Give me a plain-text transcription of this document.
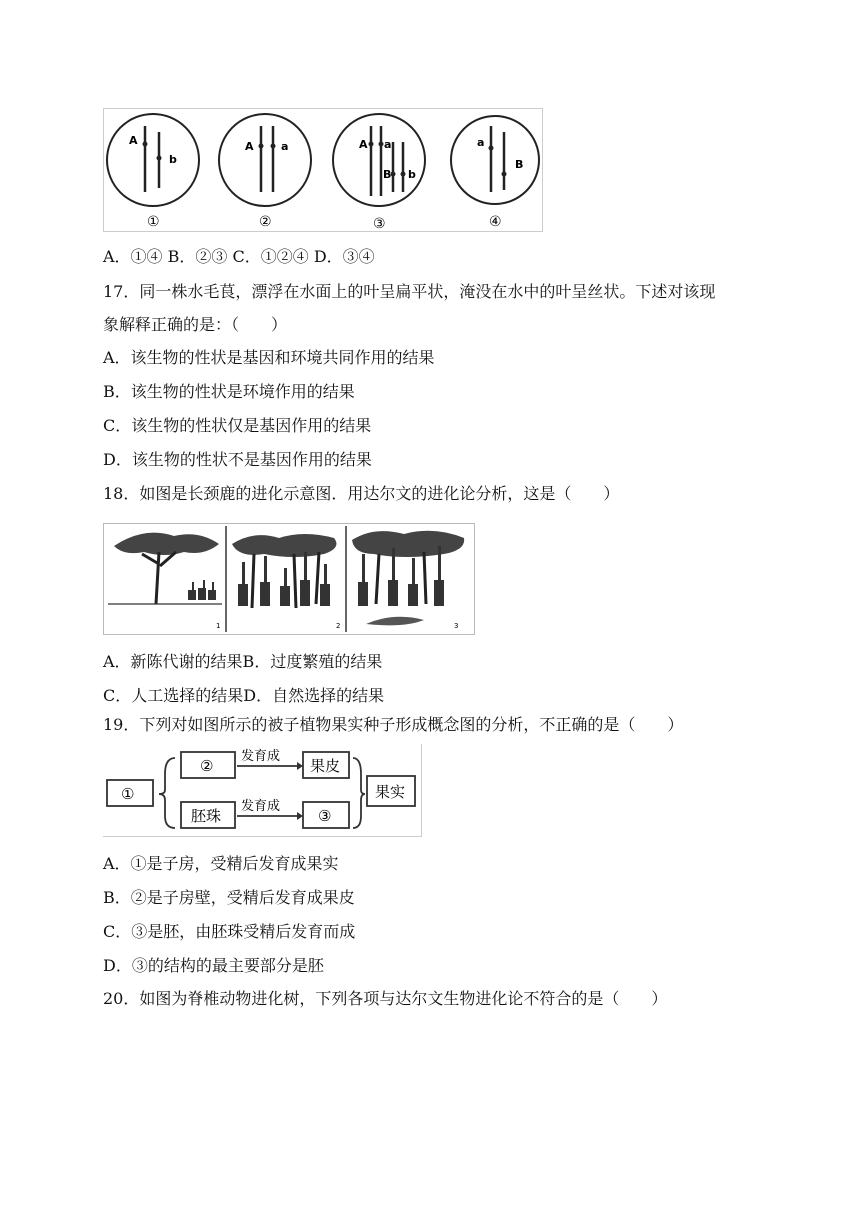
A
b
①
A a
②
A a
B b
③
a
B
④
A．①④ B．②③ C．①②④ D．③④
17．同一株水毛茛，漂浮在水面上的叶呈扁平状，淹没在水中的叶呈丝状。下述对该现
象解释正确的是：（　　）
A．该生物的性状是基因和环境共同作用的结果
B．该生物的性状是环境作用的结果
C．该生物的性状仅是基因作用的结果
D．该生物的性状不是基因作用的结果
18．如图是长颈鹿的进化示意图．用达尔文的进化论分析，这是（　　）
1	2	3
A．新陈代谢的结果B．过度繁殖的结果
C．人工选择的结果D．自然选择的结果
19．下列对如图所示的被子植物果实种子形成概念图的分析，不正确的是（　　）
①
②	果皮
胚珠	③
果实
发育成
发育成
A．①是子房，受精后发育成果实
B．②是子房壁，受精后发育成果皮
C．③是胚，由胚珠受精后发育而成
D．③的结构的最主要部分是胚
20．如图为脊椎动物进化树，下列各项与达尔文生物进化论不符合的是（　　）
